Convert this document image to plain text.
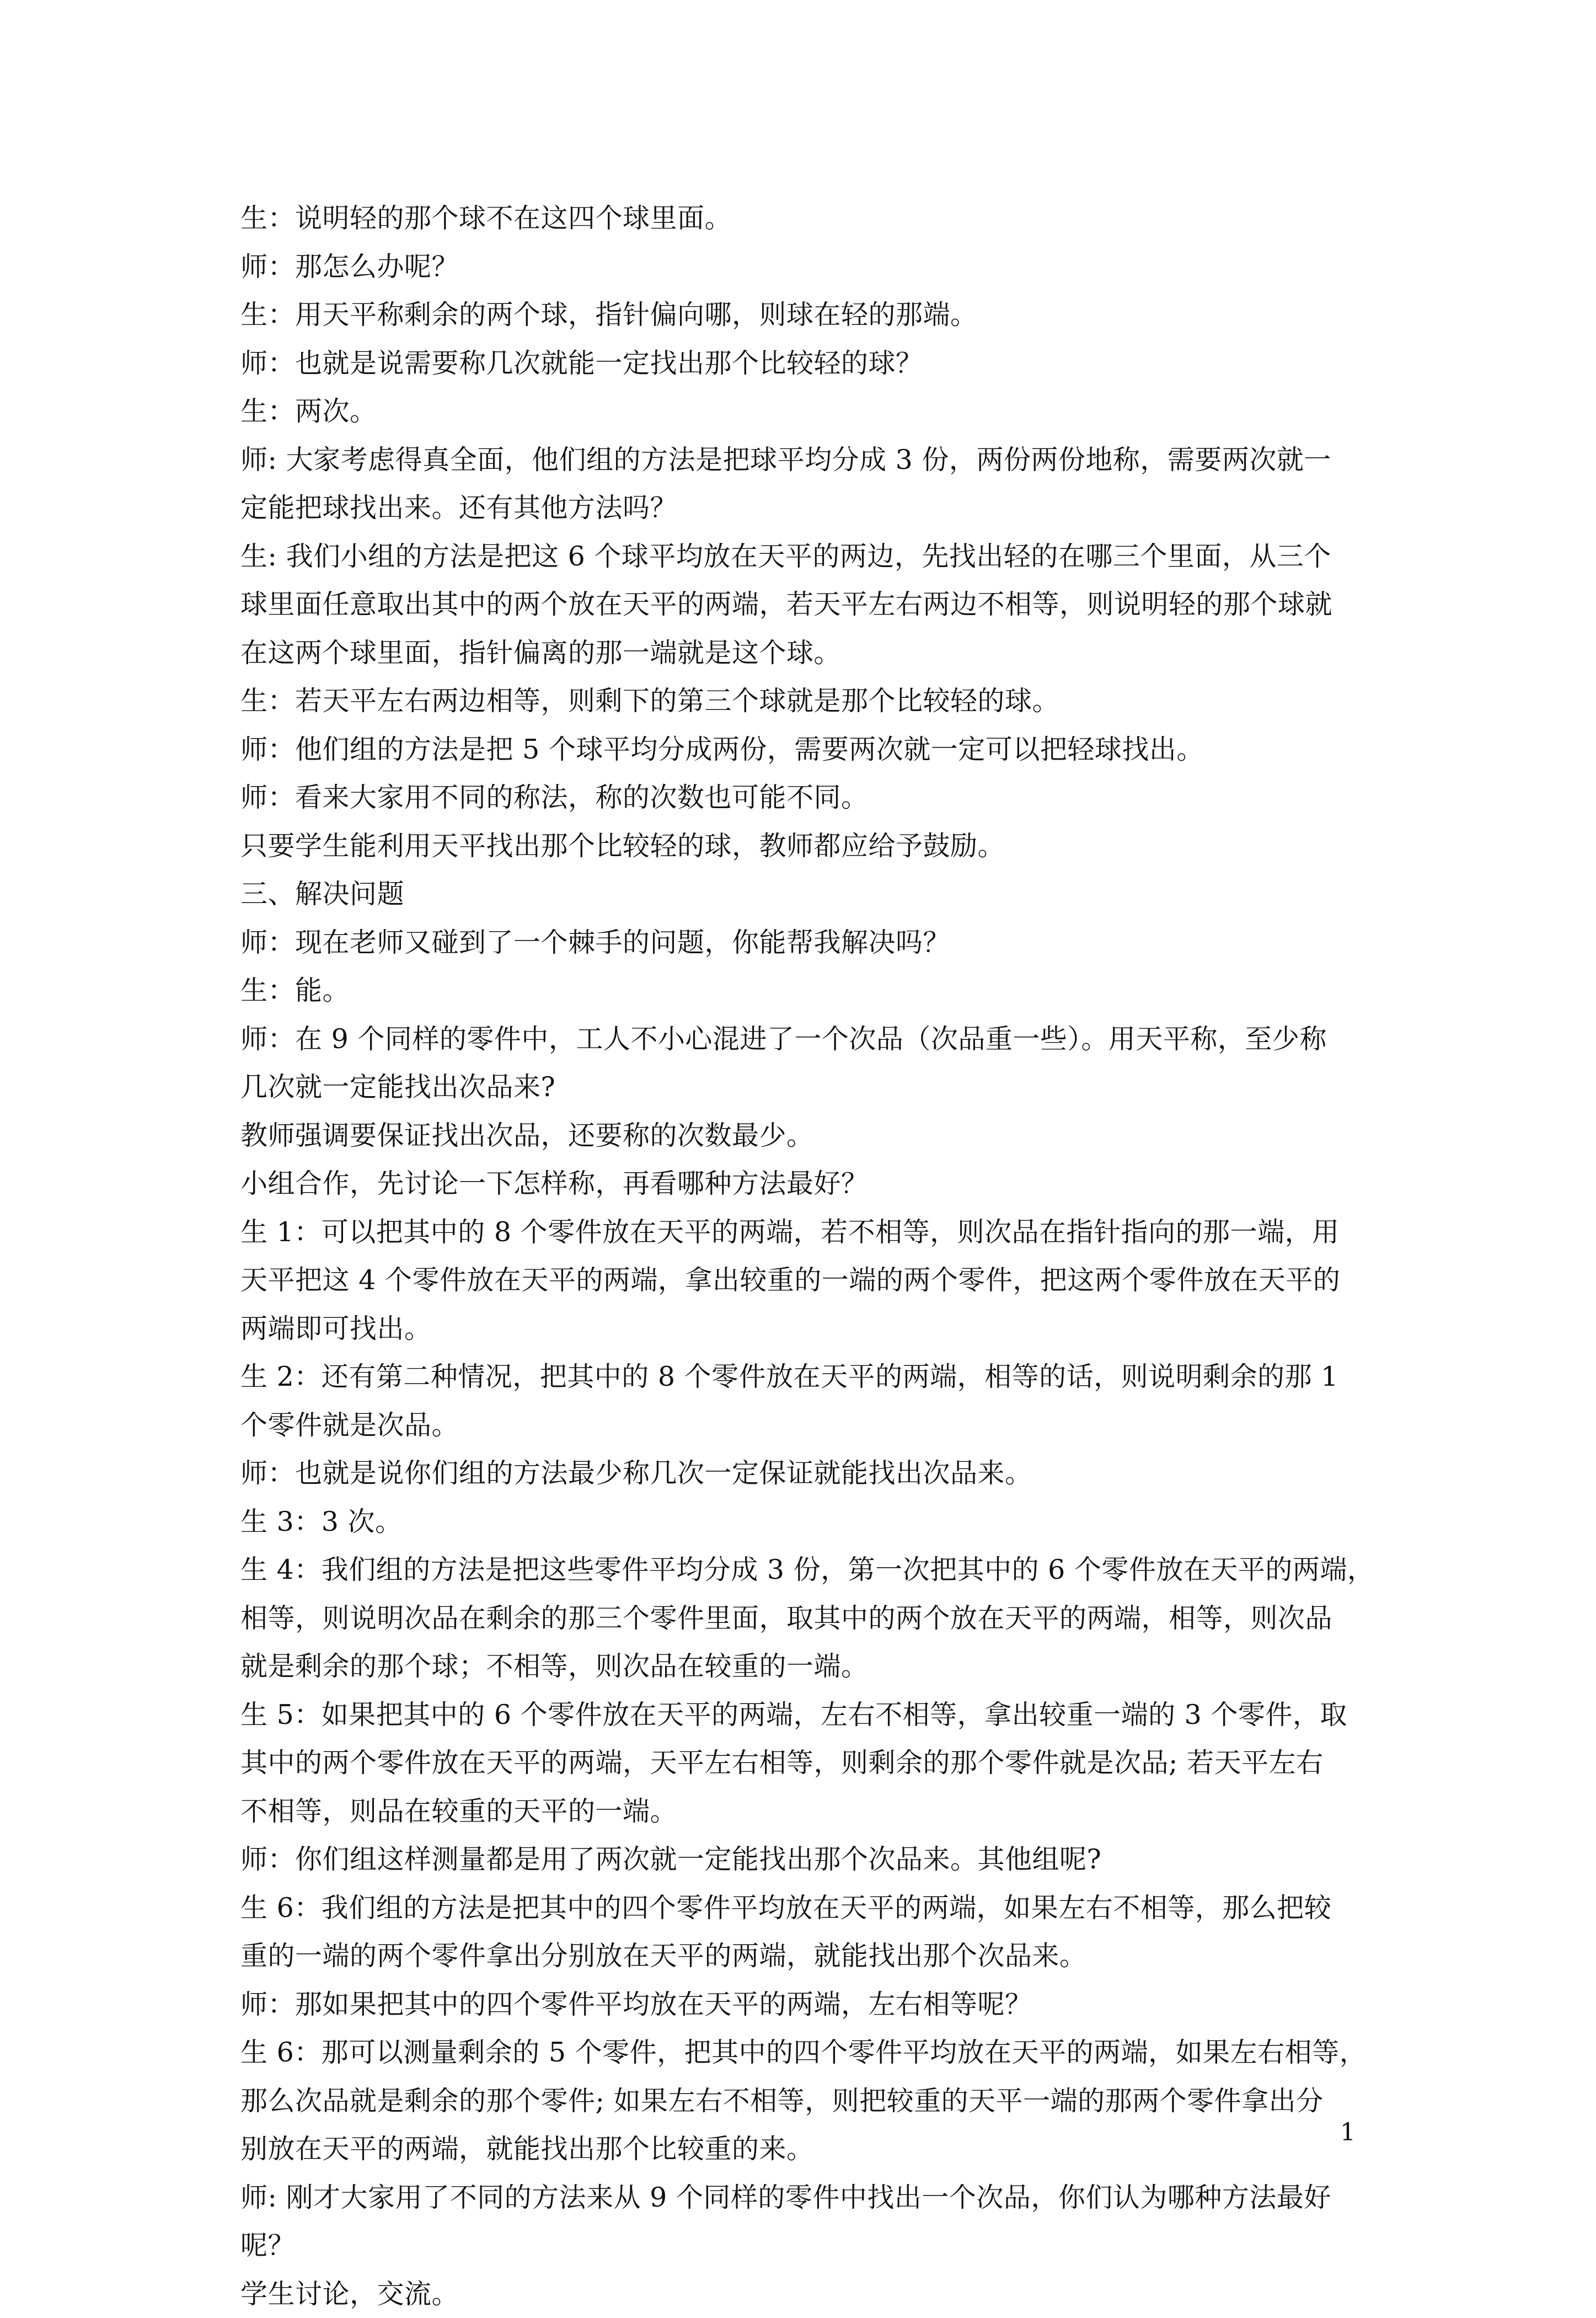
生：说明轻的那个球不在这四个球里面。
师：那怎么办呢？
生：用天平称剩余的两个球，指针偏向哪，则球在轻的那端。
师：也就是说需要称几次就能一定找出那个比较轻的球？
生：两次。
师: 大家考虑得真全面，他们组的方法是把球平均分成 3 份，两份两份地称，需要两次就一
定能把球找出来。还有其他方法吗？
生: 我们小组的方法是把这 6 个球平均放在天平的两边，先找出轻的在哪三个里面，从三个
球里面任意取出其中的两个放在天平的两端，若天平左右两边不相等，则说明轻的那个球就
在这两个球里面，指针偏离的那一端就是这个球。
生：若天平左右两边相等，则剩下的第三个球就是那个比较轻的球。
师：他们组的方法是把 5 个球平均分成两份，需要两次就一定可以把轻球找出。
师：看来大家用不同的称法，称的次数也可能不同。
只要学生能利用天平找出那个比较轻的球，教师都应给予鼓励。
三、解决问题
师：现在老师又碰到了一个棘手的问题，你能帮我解决吗？
生：能。
师：在 9 个同样的零件中，工人不小心混进了一个次品（次品重一些）。用天平称，至少称
几次就一定能找出次品来?
教师强调要保证找出次品，还要称的次数最少。
小组合作，先讨论一下怎样称，再看哪种方法最好？
生 1：可以把其中的 8 个零件放在天平的两端，若不相等，则次品在指针指向的那一端，用
天平把这 4 个零件放在天平的两端，拿出较重的一端的两个零件，把这两个零件放在天平的
两端即可找出。
生 2：还有第二种情况，把其中的 8 个零件放在天平的两端，相等的话，则说明剩余的那 1
个零件就是次品。
师：也就是说你们组的方法最少称几次一定保证就能找出次品来。
生 3：3 次。
生 4：我们组的方法是把这些零件平均分成 3 份，第一次把其中的 6 个零件放在天平的两端，
相等，则说明次品在剩余的那三个零件里面，取其中的两个放在天平的两端，相等，则次品
就是剩余的那个球；不相等，则次品在较重的一端。
生 5：如果把其中的 6 个零件放在天平的两端，左右不相等，拿出较重一端的 3 个零件，取
其中的两个零件放在天平的两端，天平左右相等，则剩余的那个零件就是次品; 若天平左右
不相等，则品在较重的天平的一端。
师：你们组这样测量都是用了两次就一定能找出那个次品来。其他组呢?
生 6：我们组的方法是把其中的四个零件平均放在天平的两端，如果左右不相等，那么把较
重的一端的两个零件拿出分别放在天平的两端，就能找出那个次品来。
师：那如果把其中的四个零件平均放在天平的两端，左右相等呢？
生 6：那可以测量剩余的 5 个零件，把其中的四个零件平均放在天平的两端，如果左右相等，
那么次品就是剩余的那个零件; 如果左右不相等，则把较重的天平一端的那两个零件拿出分
别放在天平的两端，就能找出那个比较重的来。
师: 刚才大家用了不同的方法来从 9 个同样的零件中找出一个次品，你们认为哪种方法最好
呢？
学生讨论，交流。
1
